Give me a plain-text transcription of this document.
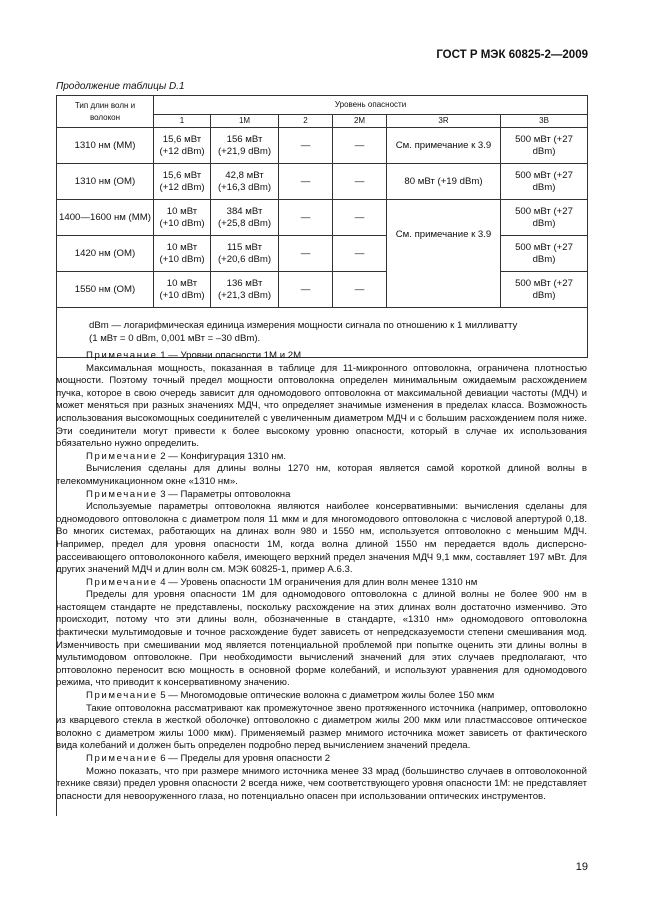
ГОСТ Р МЭК 60825-2—2009
Продолжение таблицы D.1
Тип длин волн и волокон	Уровень опасности					
	1	1M	2	2M	3R	3B
1310 нм (ММ)	15,6 мВт (+12 dBm)	156 мВт (+21,9 dBm)	—	—	См. примечание к 3.9	500 мВт (+27 dBm)
1310 нм (ОМ)	15,6 мВт (+12 dBm)	42,8 мВт (+16,3 dBm)	—	—	80 мВт (+19 dBm)	500 мВт (+27 dBm)
1400—1600 нм (ММ)	10 мВт (+10 dBm)	384 мВт (+25,8 dBm)	—	—	См. примечание к 3.9	500 мВт (+27 dBm)
1420 нм (ОМ)	10 мВт (+10 dBm)	115 мВт (+20,6 dBm)	—	—		500 мВт (+27 dBm)
1550 нм (ОМ)	10 мВт (+10 dBm)	136 мВт (+21,3 dBm)	—	—		500 мВт (+27 dBm)

dBm — логарифмическая единица измерения мощности сигнала по отношению к 1 милливатту
(1 мВт = 0 dBm, 0,001 мВт = –30 dBm).						

Примечание 1 — Уровни опасности 1М и 2М

Максимальная мощность, показанная в таблице для 11-микронного оптоволокна, ограничена плотностью мощности. Поэтому точный предел мощности оптоволокна определен минимальным ожидаемым расхождением пучка, которое в свою очередь зависит для одномодового оптоволокна от максимальной девиации частоты (МДЧ) и может меняться при разных значениях МДЧ, что определяет значимые изменения в пределах класса. Возможность использования высокомощных соединителей с увеличенным диаметром МДЧ и с большим расхождением поля ниже. Эти соединители могут привести к более высокому уровню опасности, который в случае их использования обязательно нужно определить.

Примечание 2 — Конфигурация 1310 нм.

Вычисления сделаны для длины волны 1270 нм, которая является самой короткой длиной волны в телекоммуникационном окне «1310 нм».

Примечание 3 — Параметры оптоволокна

Используемые параметры оптоволокна являются наиболее консервативными: вычисления сделаны для одномодового оптоволокна с диаметром поля 11 мкм и для многомодового оптоволокна с числовой апертурой 0,18. Во многих системах, работающих на длинах волн 980 и 1550 нм, используется оптоволокно с меньшим МДЧ. Например, предел для уровня опасности 1М, когда волна длиной 1550 нм передается вдоль дисперсно-рассеивающего оптоволоконного кабеля, имеющего верхний предел значения МДЧ 9,1 мкм, составляет 197 мВт. Для других значений МДЧ и длин волн см. МЭК 60825-1, пример А.6.3.

Примечание 4 — Уровень опасности 1М ограничения для длин волн менее 1310 нм

Пределы для уровня опасности 1М для одномодового оптоволокна с длиной волны не более 900 нм в настоящем стандарте не представлены, поскольку расхождение на этих длинах волн достаточно изменчиво. Это происходит, потому что эти длины волн, обозначенные в стандарте, «1310 нм» одномодового оптоволокна фактически мультимодовые и точное расхождение будет зависеть от непредсказуемости степени смешивания мод. Изменчивость при смешивании мод является потенциальной проблемой при попытке оценить эти длины волны в мультимодовом оптоволокне. При необходимости вычислений значений для этих случаев предполагают, что оптоволокно переносит всю мощность в основной форме колебаний, и используют уравнения для одномодового режима, что приводит к консервативному значению.

Примечание 5 — Многомодовые оптические волокна с диаметром жилы более 150 мкм

Такие оптоволокна рассматривают как промежуточное звено протяженного источника (например, оптоволокно из кварцевого стекла в жесткой оболочке) оптоволокно с диаметром жилы 200 мкм или пластмассовое оптическое волокно с диаметром жилы 1000 мкм). Применяемый размер мнимого источника может зависеть от фактического вида колебаний и должен быть определен подробно перед вычислением значений предела.

Примечание 6 — Пределы для уровня опасности 2

Можно показать, что при размере мнимого источника менее 33 мрад (большинство случаев в оптоволоконной технике связи) предел уровня опасности 2 всегда ниже, чем соответствующего уровня опасности 1М: не представляет опасности для невооруженного глаза, но потенциально опасен при использовании оптических инструментов.

19
